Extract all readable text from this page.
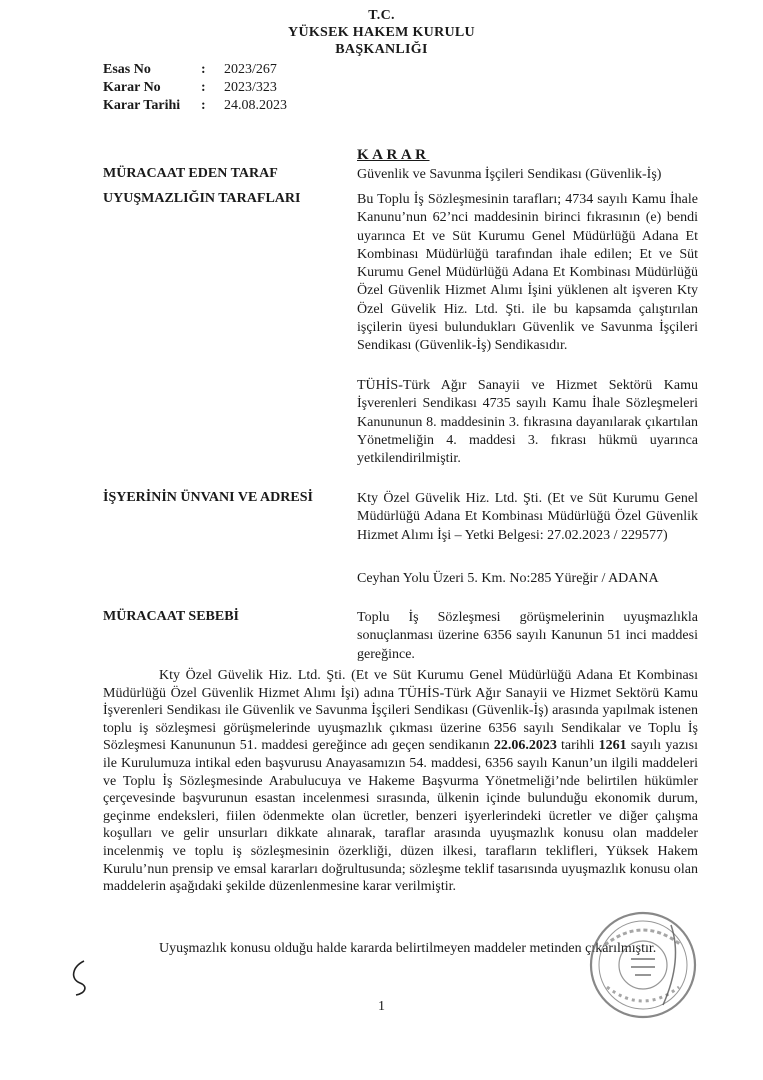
T.C.
YÜKSEK HAKEM KURULU
BAŞKANLIĞI
Esas No	: 2023/267
Karar No	: 2023/323
Karar Tarihi	: 24.08.2023
KARAR
MÜRACAAT EDEN TARAF	Güvenlik ve Savunma İşçileri Sendikası (Güvenlik-İş)
UYUŞMAZLIĞIN TARAFLARI	Bu Toplu İş Sözleşmesinin tarafları; 4734 sayılı Kamu İhale Kanunu’nun 62’nci maddesinin birinci fıkrasının (e) bendi uyarınca Et ve Süt Kurumu Genel Müdürlüğü Adana Et Kombinası Müdürlüğü tarafından ihale edilen; Et ve Süt Kurumu Genel Müdürlüğü Adana Et Kombinası Müdürlüğü Özel Güvenlik Hizmet Alımı İşini yüklenen alt işveren Kty Özel Güvelik Hiz. Ltd. Şti. ile bu kapsamda çalıştırılan işçilerin üyesi bulundukları Güvenlik ve Savunma İşçileri Sendikası (Güvenlik-İş) Sendikasıdır.
TÜHİS-Türk Ağır Sanayii ve Hizmet Sektörü Kamu İşverenleri Sendikası 4735 sayılı Kamu İhale Sözleşmeleri Kanununun 8. maddesinin 3. fıkrasına dayanılarak çıkartılan Yönetmeliğin 4. maddesi 3. fıkrası hükmü uyarınca yetkilendirilmiştir.
İŞYERİNİN ÜNVANI VE ADRESİ	Kty Özel Güvelik Hiz. Ltd. Şti. (Et ve Süt Kurumu Genel Müdürlüğü Adana Et Kombinası Müdürlüğü Özel Güvenlik Hizmet Alımı İşi – Yetki Belgesi: 27.02.2023 / 229577)
Ceyhan Yolu Üzeri 5. Km. No:285 Yüreğir / ADANA
MÜRACAAT SEBEBİ	Toplu İş Sözleşmesi görüşmelerinin uyuşmazlıkla sonuçlanması üzerine 6356 sayılı Kanunun 51 inci maddesi gereğince.
Kty Özel Güvelik Hiz. Ltd. Şti. (Et ve Süt Kurumu Genel Müdürlüğü Adana Et Kombinası Müdürlüğü Özel Güvenlik Hizmet Alımı İşi) adına TÜHİS-Türk Ağır Sanayii ve Hizmet Sektörü Kamu İşverenleri Sendikası ile Güvenlik ve Savunma İşçileri Sendikası (Güvenlik-İş) arasında yapılmak istenen toplu iş sözleşmesi görüşmelerinde uyuşmazlık çıkması üzerine 6356 sayılı Sendikalar ve Toplu İş Sözleşmesi Kanununun 51. maddesi gereğince adı geçen sendikanın 22.06.2023 tarihli 1261 sayılı yazısı ile Kurulumuza intikal eden başvurusu Anayasamızın 54. maddesi, 6356 sayılı Kanun’un ilgili maddeleri ve Toplu İş Sözleşmesinde Arabulucuya ve Hakeme Başvurma Yönetmeliği’nde belirtilen hükümler çerçevesinde başvurunun esastan incelenmesi sırasında, ülkenin içinde bulunduğu ekonomik durum, geçinme endeksleri, fiilen ödenmekte olan ücretler, benzeri işyerlerindeki ücretler ve diğer çalışma koşulları ve gelir unsurları dikkate alınarak, taraflar arasında uyuşmazlık konusu olan maddeler incelenmiş ve toplu iş sözleşmesinin özerkliği, düzen ilkesi, tarafların teklifleri, Yüksek Hakem Kurulu’nun prensip ve emsal kararları doğrultusunda; sözleşme teklif tasarısında uyuşmazlık konusu olan maddelerin aşağıdaki şekilde düzenlenmesine karar verilmiştir.
Uyuşmazlık konusu olduğu halde kararda belirtilmeyen maddeler metinden çıkarılmıştır.
1
